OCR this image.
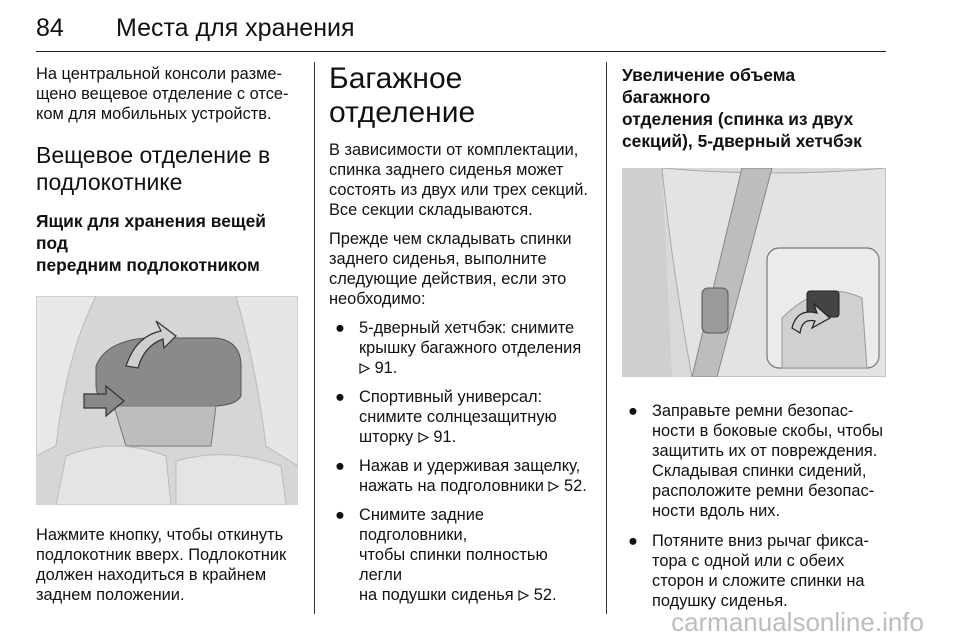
84 Места для хранения

На центральной консоли разме-

щено вещевое отделение с отсе-

ком для мобильных устройств.

Вещевое отделение в
подлокотнике
Ящик для хранения вещей под
передним подлокотником

Нажмите кнопку, чтобы откинуть

подлокотник вверх. Подлокотник

должен находиться в крайнем

заднем положении.

Багажное отделение

В зависимости от комплектации,

спинка заднего сиденья может

состоять из двух или трех секций.

Все секции складываются.

Прежде чем складывать спинки

заднего сиденья, выполните

следующие действия, если это

необходимо:

● 5-дверный хетчбэк: снимите
крышку багажного отделения
91.
● Спортивный универсал:
снимите солнцезащитную
шторку 91.
● Нажав и удерживая защелку,
нажать на подголовники 52.
● Снимите задние подголовники,
чтобы спинки полностью легли
на подушки сиденья 52.
Увеличение объема багажного
отделения (спинка из двух
секций), 5-дверный хетчбэк
● Заправьте ремни безопас-
ности в боковые скобы, чтобы
защитить их от повреждения.
Складывая спинки сидений,
расположите ремни безопас-
ности вдоль них.
● Потяните вниз рычаг фикса-
тора с одной или с обеих
сторон и сложите спинки на
подушку сиденья.
carmanualsonline.info
